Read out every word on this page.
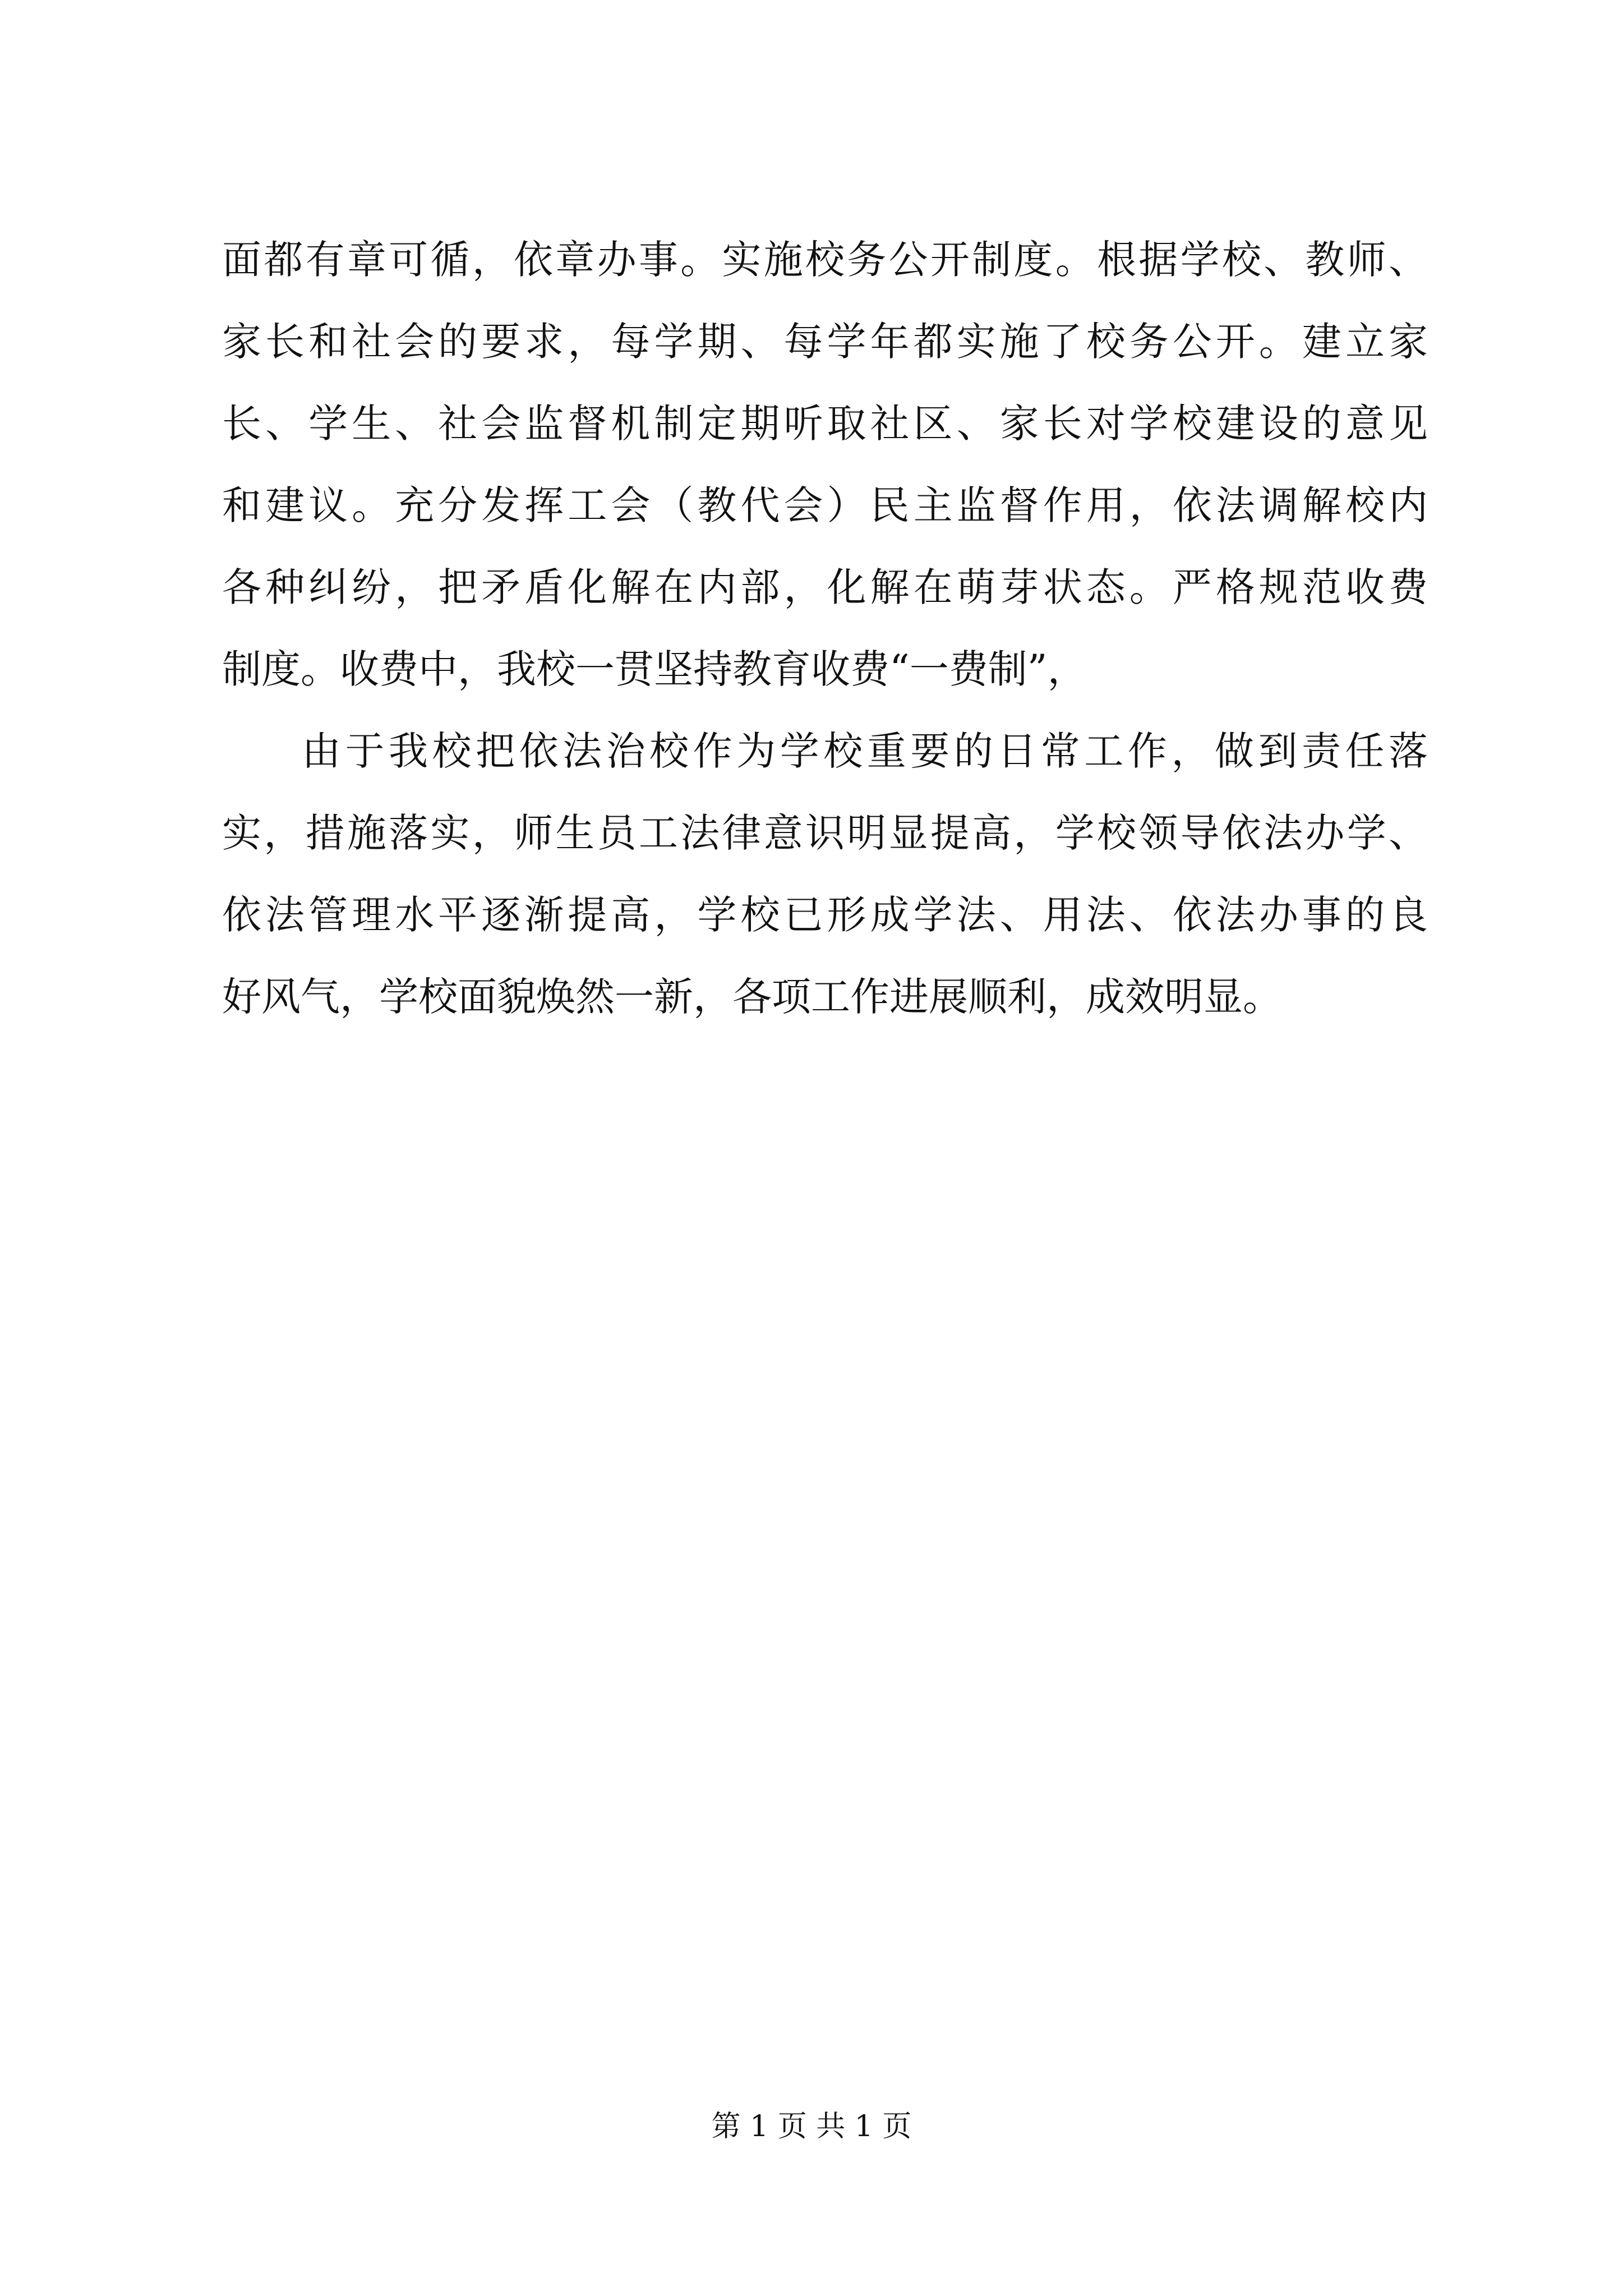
面都有章可循，依章办事。实施校务公开制度。根据学校、教师、
家长和社会的要求，每学期、每学年都实施了校务公开。建立家
长、学生、社会监督机制定期听取社区、家长对学校建设的意见
和建议。充分发挥工会（教代会）民主监督作用，依法调解校内
各种纠纷，把矛盾化解在内部，化解在萌芽状态。严格规范收费
制度。收费中，我校一贯坚持教育收费“一费制”，
由于我校把依法治校作为学校重要的日常工作，做到责任落
实，措施落实，师生员工法律意识明显提高，学校领导依法办学、
依法管理水平逐渐提高，学校已形成学法、用法、依法办事的良
好风气，学校面貌焕然一新，各项工作进展顺利，成效明显。
第 1 页 共 1 页
